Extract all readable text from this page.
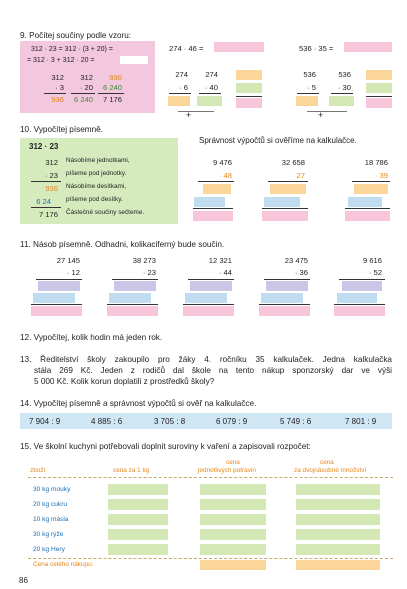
9. Počítej součiny podle vzoru:
312 · 23 = 312 · (3 + 20) =
= 312 · 3 + 312 · 20 =
312
· 3
936
312
· 20
6 240
936
6 240
7 176
274 · 46 =
274
· 6
274
· 40
+
536 · 35 =
536
· 5
536
· 30
+
10. Vypočítej písemně.
312 · 23
312
· 23
936
6 24
7 176
Násobíme jednotkami,
píšeme pod jednotky.
Násobíme desítkami,
píšeme pod desítky.
Částečné součiny sečteme.
Správnost výpočtů si ověříme na kalkulačce.
9 476
· 48
32 658
· 27
18 786
· 39
11. Násob písemně. Odhadni, kolikaciferný bude součin.
27 145
· 12
38 273
· 23
12 321
· 44
23 475
· 36
9 616
· 52
12. Vypočítej, kolik hodin má jeden rok.
13. Ředitelství školy zakoupilo pro žáky 4. ročníku 35 kalkulaček. Jedna kalkulačka
stála 269 Kč. Jeden z rodičů dal škole na tento nákup sponzorský dar ve výši
5 000 Kč. Kolik korun doplatili z prostředků školy?
14. Vypočítej písemně a správnost výpočtů si ověř na kalkulačce.
7 904 : 9	4 885 : 6	3 705 : 8	6 079 : 9	5 749 : 6	7 801 : 9
15. Ve školní kuchyni potřebovali doplnit suroviny k vaření a zapisovali rozpočet:
zboží	cena za 1 kg
cena
jednotlivých potravin
cena
za dvojnásobné množství
30 kg mouky
20 kg cukru
10 kg másla
30 kg rýže
20 kg Hery
Cena celého nákupu:
86
